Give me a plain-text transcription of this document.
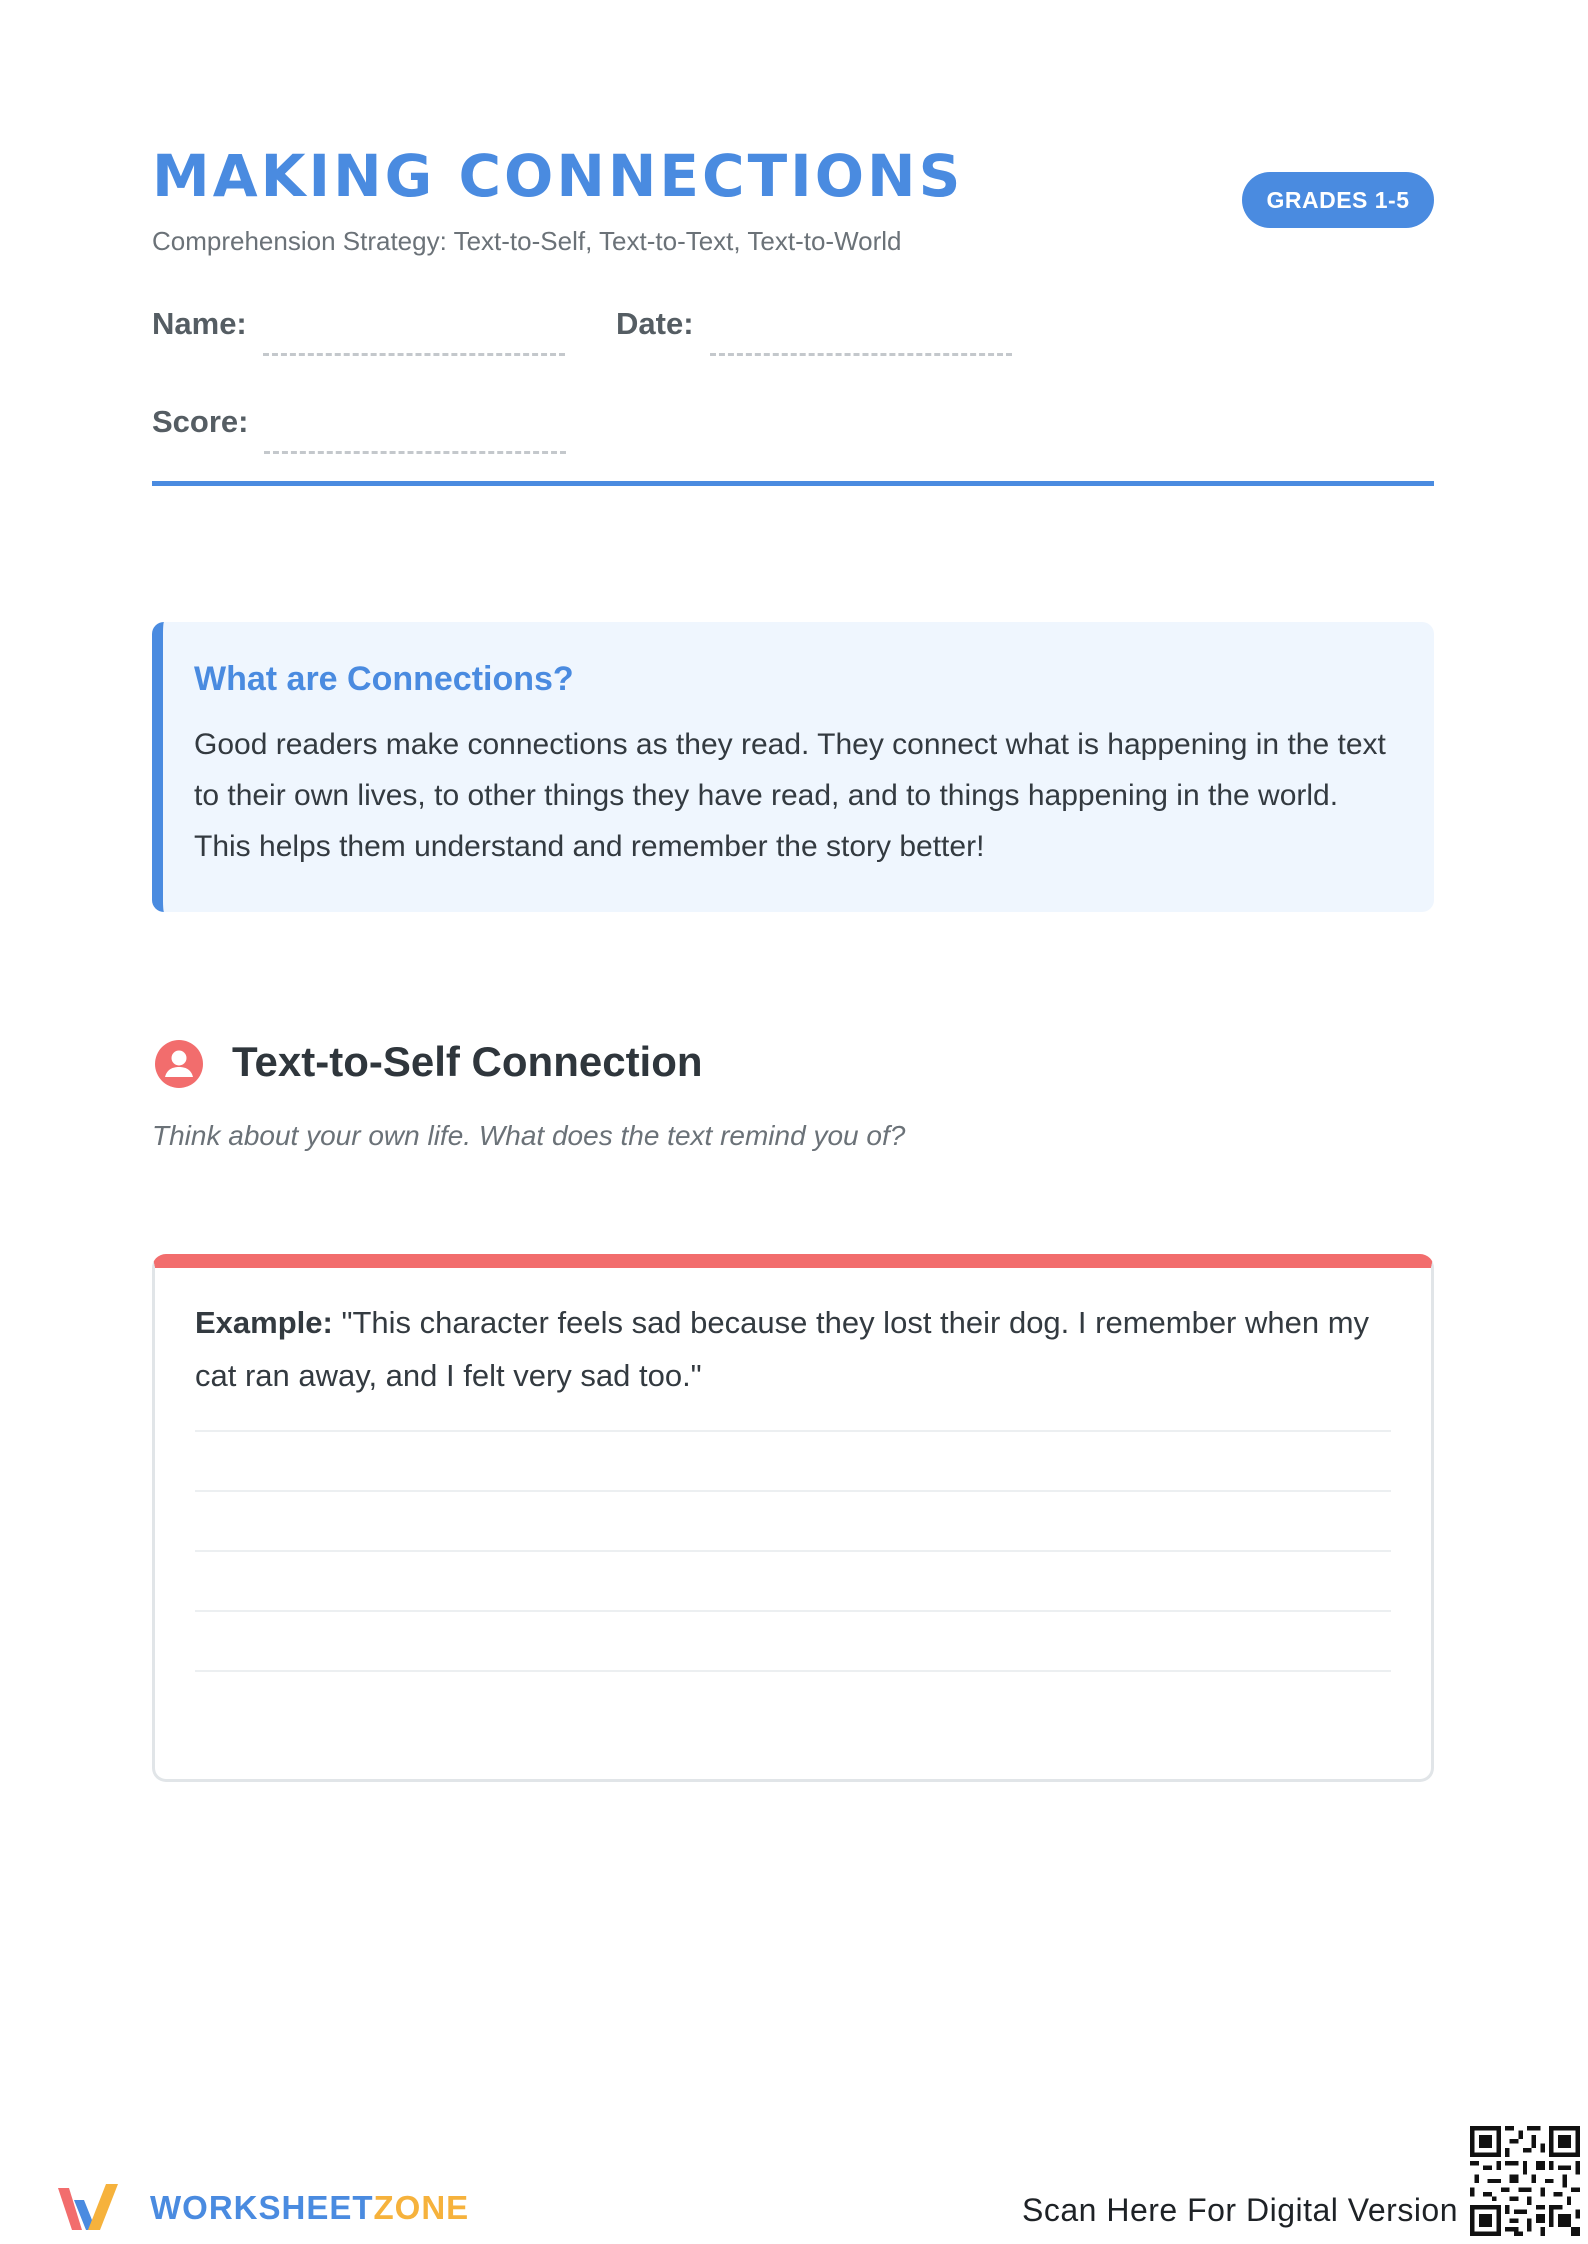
MAKING CONNECTIONS
Comprehension Strategy: Text-to-Self, Text-to-Text, Text-to-World
GRADES 1-5
Name:	Date:
Score:
What are Connections?

Good readers make connections as they read. They connect what is happening in the text to their own lives, to other things they have read, and to things happening in the world. This helps them understand and remember the story better!

Text-to-Self Connection
Think about your own life. What does the text remind you of?

Example: "This character feels sad because they lost their dog. I remember when my cat ran away, and I felt very sad too."

WORKSHEETZONE	Scan Here For Digital Version
